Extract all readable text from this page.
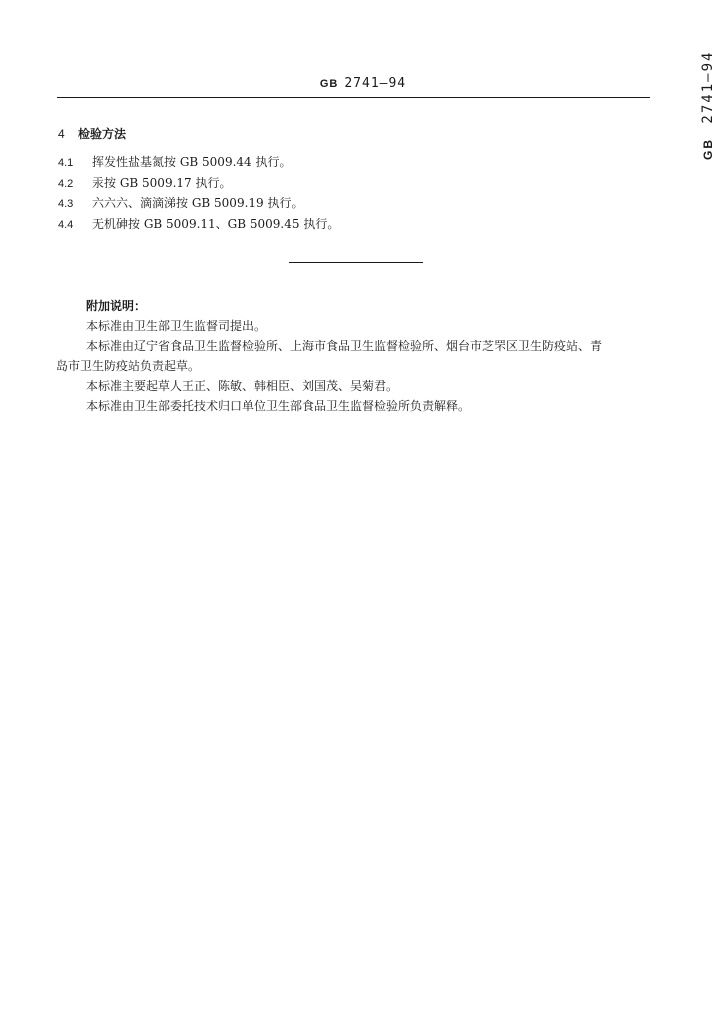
GB 2741—94
GB 2741—94
4 检验方法
4.1 挥发性盐基氮按 GB 5009.44 执行。
4.2 汞按 GB 5009.17 执行。
4.3 六六六、滴滴涕按 GB 5009.19 执行。
4.4 无机砷按 GB 5009.11、GB 5009.45 执行。
附加说明：

本标准由卫生部卫生监督司提出。

本标准由辽宁省食品卫生监督检验所、上海市食品卫生监督检验所、烟台市芝罘区卫生防疫站、青
岛市卫生防疫站负责起草。

本标准主要起草人王正、陈敏、韩相臣、刘国茂、吴菊君。

本标准由卫生部委托技术归口单位卫生部食品卫生监督检验所负责解释。
